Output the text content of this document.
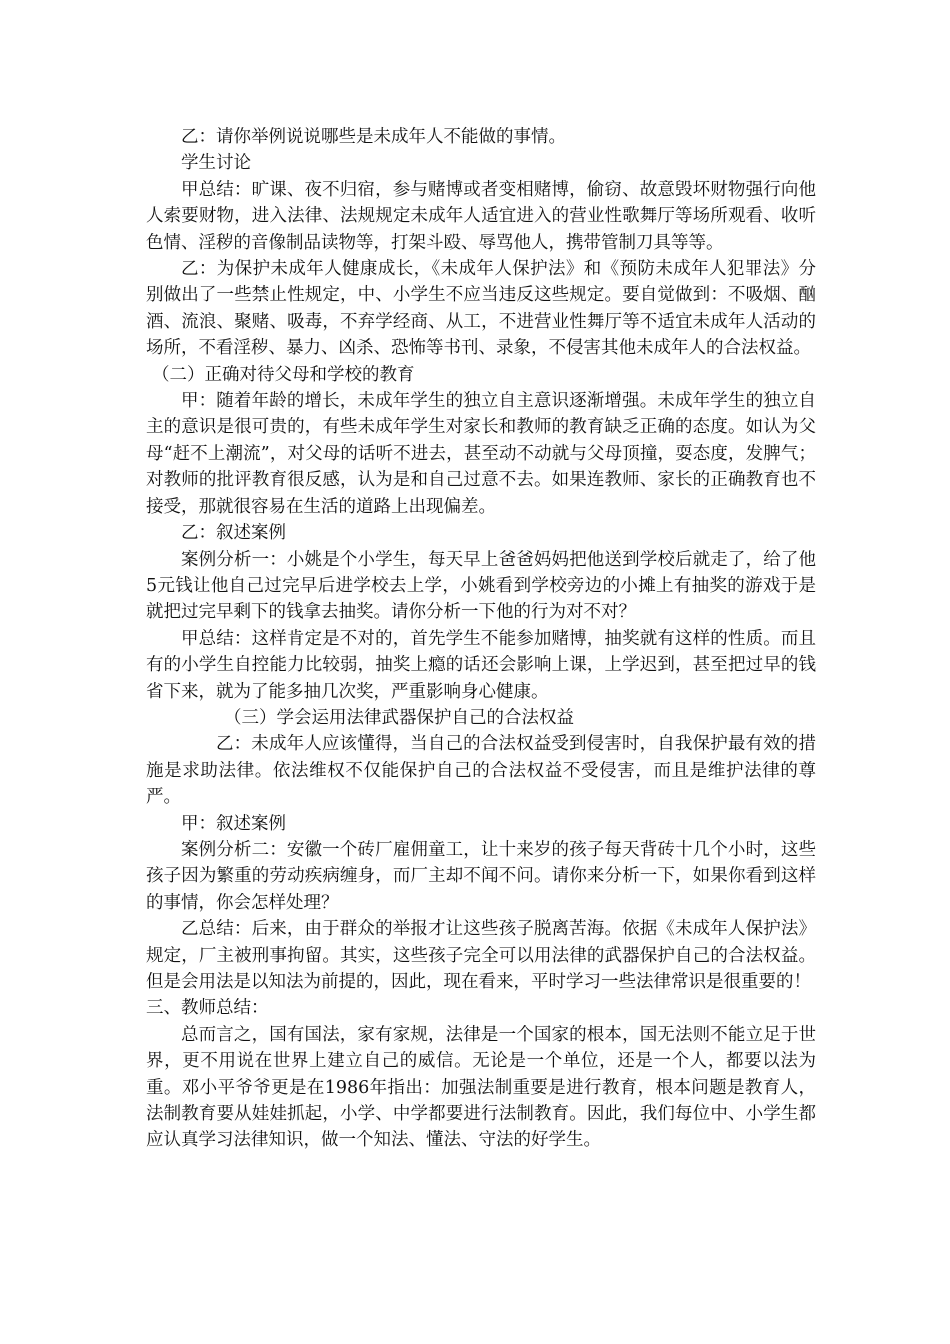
乙：请你举例说说哪些是未成年人不能做的事情。

学生讨论

甲总结：旷课、夜不归宿，参与赌博或者变相赌博，偷窃、故意毁坏财物强行向他人索要财物，进入法律、法规规定未成年人适宜进入的营业性歌舞厅等场所观看、收听色情、淫秽的音像制品读物等，打架斗殴、辱骂他人，携带管制刀具等等。

乙：为保护未成年人健康成长，《未成年人保护法》和《预防未成年人犯罪法》分别做出了一些禁止性规定，中、小学生不应当违反这些规定。要自觉做到：不吸烟、酗酒、流浪、聚赌、吸毒，不弃学经商、从工，不进营业性舞厅等不适宜未成年人活动的场所，不看淫秽、暴力、凶杀、恐怖等书刊、录象，不侵害其他未成年人的合法权益。

（二）正确对待父母和学校的教育

甲：随着年龄的增长，未成年学生的独立自主意识逐渐增强。未成年学生的独立自主的意识是很可贵的，有些未成年学生对家长和教师的教育缺乏正确的态度。如认为父母“赶不上潮流”，对父母的话听不进去，甚至动不动就与父母顶撞，耍态度，发脾气；对教师的批评教育很反感，认为是和自己过意不去。如果连教师、家长的正确教育也不接受，那就很容易在生活的道路上出现偏差。

乙：叙述案例

案例分析一：小姚是个小学生，每天早上爸爸妈妈把他送到学校后就走了，给了他5元钱让他自己过完早后进学校去上学，小姚看到学校旁边的小摊上有抽奖的游戏于是就把过完早剩下的钱拿去抽奖。请你分析一下他的行为对不对？

甲总结：这样肯定是不对的，首先学生不能参加赌博，抽奖就有这样的性质。而且有的小学生自控能力比较弱，抽奖上瘾的话还会影响上课，上学迟到，甚至把过早的钱省下来，就为了能多抽几次奖，严重影响身心健康。

（三）学会运用法律武器保护自己的合法权益

乙：未成年人应该懂得，当自己的合法权益受到侵害时，自我保护最有效的措施是求助法律。依法维权不仅能保护自己的合法权益不受侵害，而且是维护法律的尊严。

甲：叙述案例

案例分析二：安徽一个砖厂雇佣童工，让十来岁的孩子每天背砖十几个小时，这些孩子因为繁重的劳动疾病缠身，而厂主却不闻不问。请你来分析一下，如果你看到这样的事情，你会怎样处理？

乙总结：后来，由于群众的举报才让这些孩子脱离苦海。依据《未成年人保护法》规定，厂主被刑事拘留。其实，这些孩子完全可以用法律的武器保护自己的合法权益。但是会用法是以知法为前提的，因此，现在看来，平时学习一些法律常识是很重要的！

三、教师总结：

总而言之，国有国法，家有家规，法律是一个国家的根本，国无法则不能立足于世界，更不用说在世界上建立自己的威信。无论是一个单位，还是一个人，都要以法为重。邓小平爷爷更是在1986年指出：加强法制重要是进行教育，根本问题是教育人，法制教育要从娃娃抓起，小学、中学都要进行法制教育。因此，我们每位中、小学生都应认真学习法律知识，做一个知法、懂法、守法的好学生。
